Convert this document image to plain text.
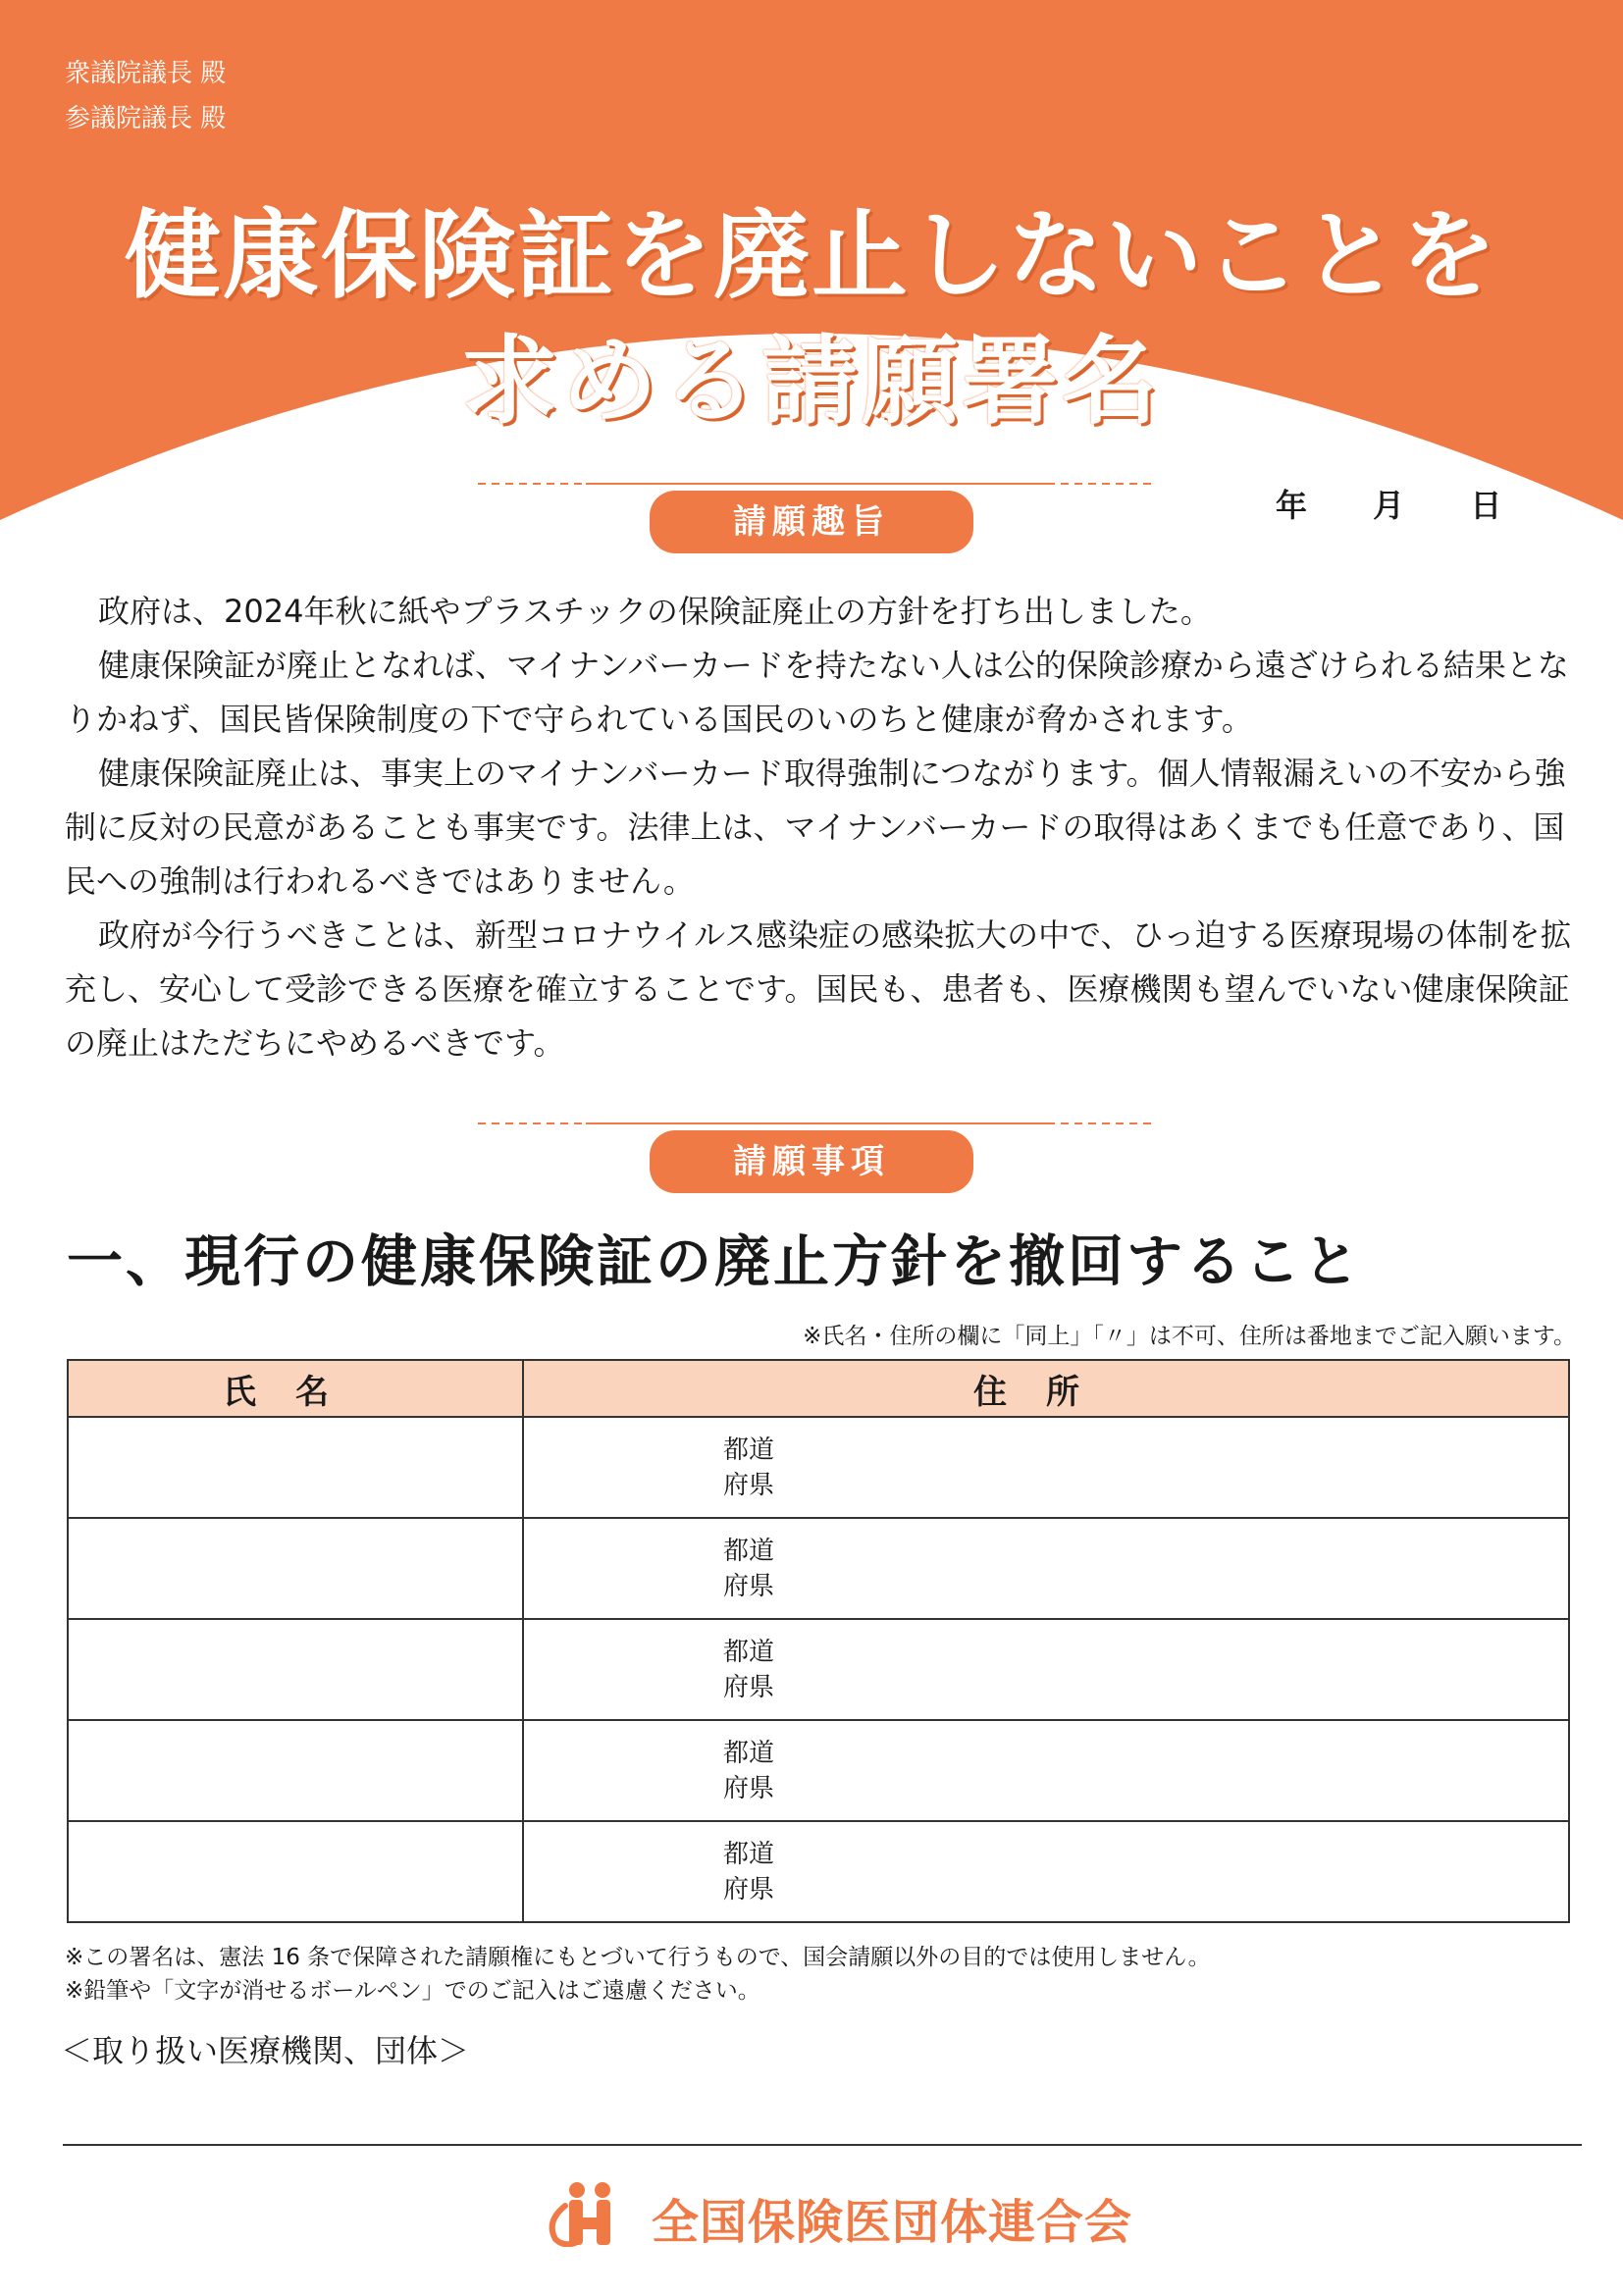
衆議院議長 殿
参議院議長 殿
健康保険証を廃止しないことを
求める請願署名
年 月 日
請願趣旨

政府は、2024年秋に紙やプラスチックの保険証廃止の方針を打ち出しました。

健康保険証が廃止となれば、マイナンバーカードを持たない人は公的保険診療から遠ざけられる結果となりかねず、国民皆保険制度の下で守られている国民のいのちと健康が脅かされます。

健康保険証廃止は、事実上のマイナンバーカード取得強制につながります。個人情報漏えいの不安から強制に反対の民意があることも事実です。法律上は、マイナンバーカードの取得はあくまでも任意であり、国民への強制は行われるべきではありません。

政府が今行うべきことは、新型コロナウイルス感染症の感染拡大の中で、ひっ迫する医療現場の体制を拡充し、安心して受診できる医療を確立することです。国民も、患者も、医療機関も望んでいない健康保険証の廃止はただちにやめるべきです。

請願事項
一、現行の健康保険証の廃止方針を撤回すること
※氏名・住所の欄に「同上」「〃」は不可、住所は番地までご記入願います。
氏名	住所

	都道
府県

	都道
府県

	都道
府県

	都道
府県

	都道
府県
※この署名は、憲法 16 条で保障された請願権にもとづいて行うもので、国会請願以外の目的では使用しません。
※鉛筆や「文字が消せるボールペン」でのご記入はご遠慮ください。
＜取り扱い医療機関、団体＞
全国保険医団体連合会
